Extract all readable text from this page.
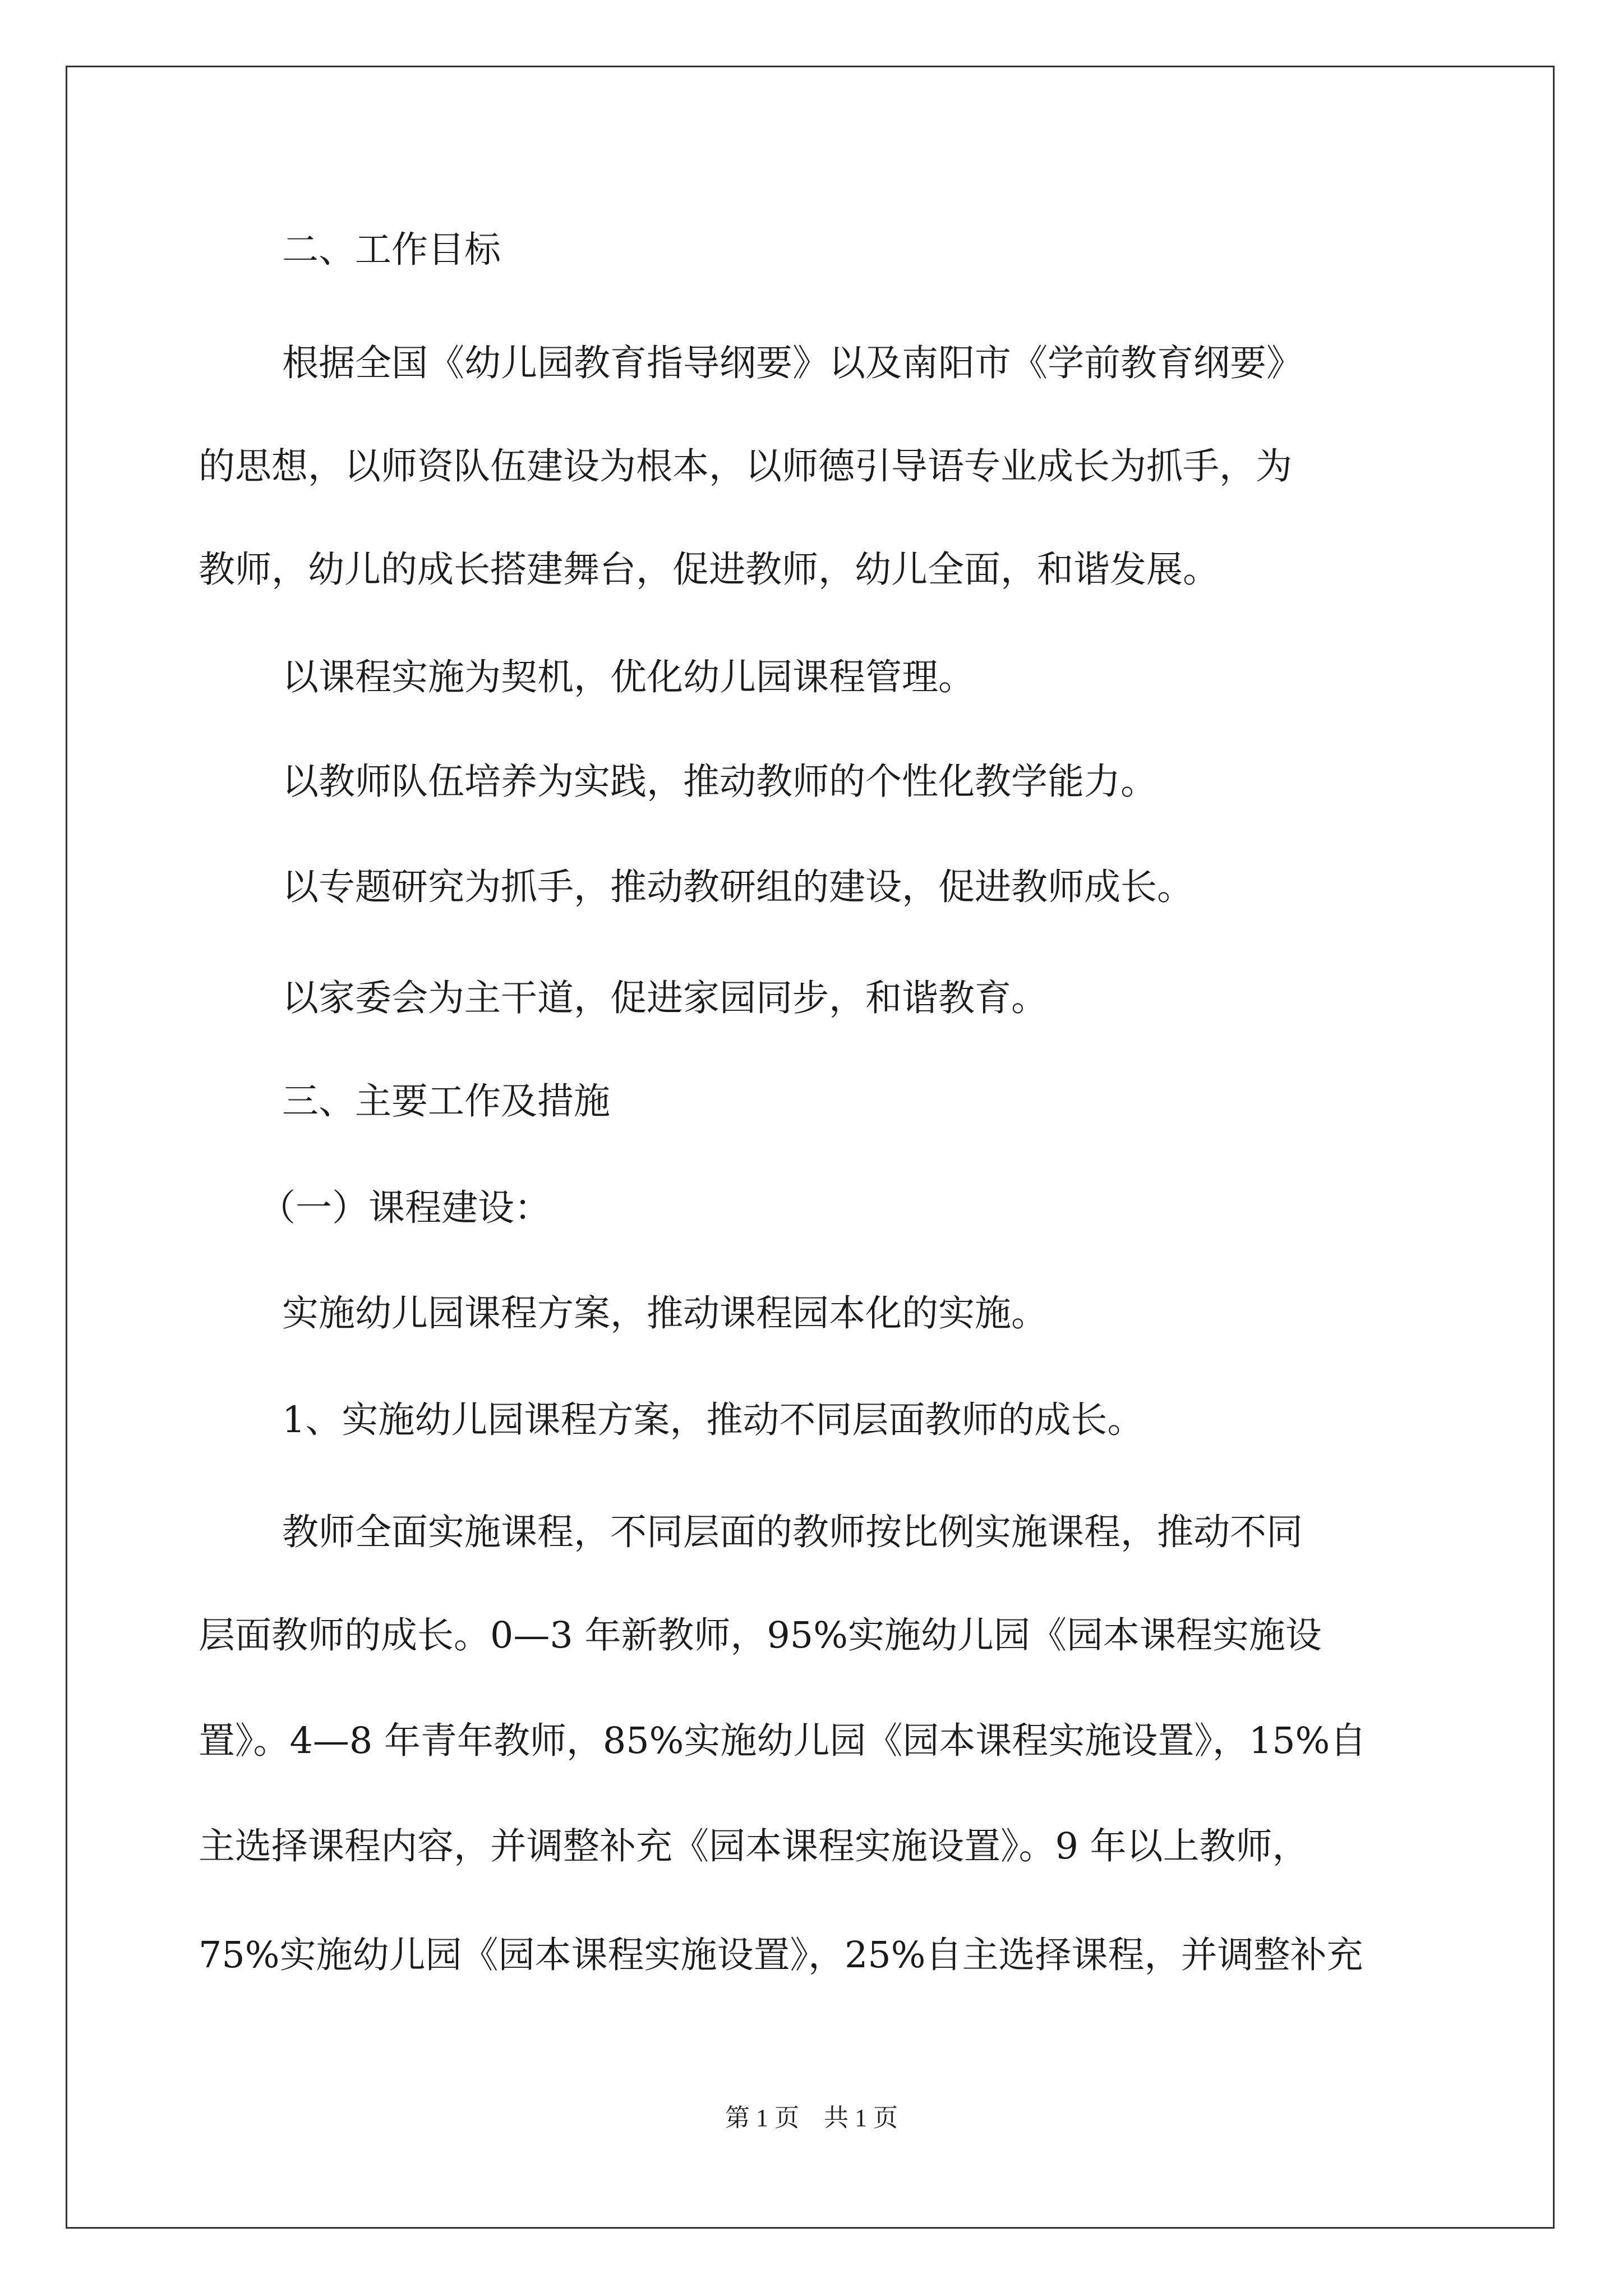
二、工作目标
根据全国《幼儿园教育指导纲要》以及南阳市《学前教育纲要》
的思想，以师资队伍建设为根本，以师德引导语专业成长为抓手，为
教师，幼儿的成长搭建舞台，促进教师，幼儿全面，和谐发展。
以课程实施为契机，优化幼儿园课程管理。
以教师队伍培养为实践，推动教师的个性化教学能力。
以专题研究为抓手，推动教研组的建设，促进教师成长。
以家委会为主干道，促进家园同步，和谐教育。
三、主要工作及措施
（一）课程建设：
实施幼儿园课程方案，推动课程园本化的实施。
1、实施幼儿园课程方案，推动不同层面教师的成长。
教师全面实施课程，不同层面的教师按比例实施课程，推动不同
层面教师的成长。0—3 年新教师，95%实施幼儿园《园本课程实施设
置》。4—8 年青年教师，85%实施幼儿园《园本课程实施设置》，15%自
主选择课程内容，并调整补充《园本课程实施设置》。9 年以上教师，
75%实施幼儿园《园本课程实施设置》，25%自主选择课程，并调整补充
第 1 页　共 1 页
